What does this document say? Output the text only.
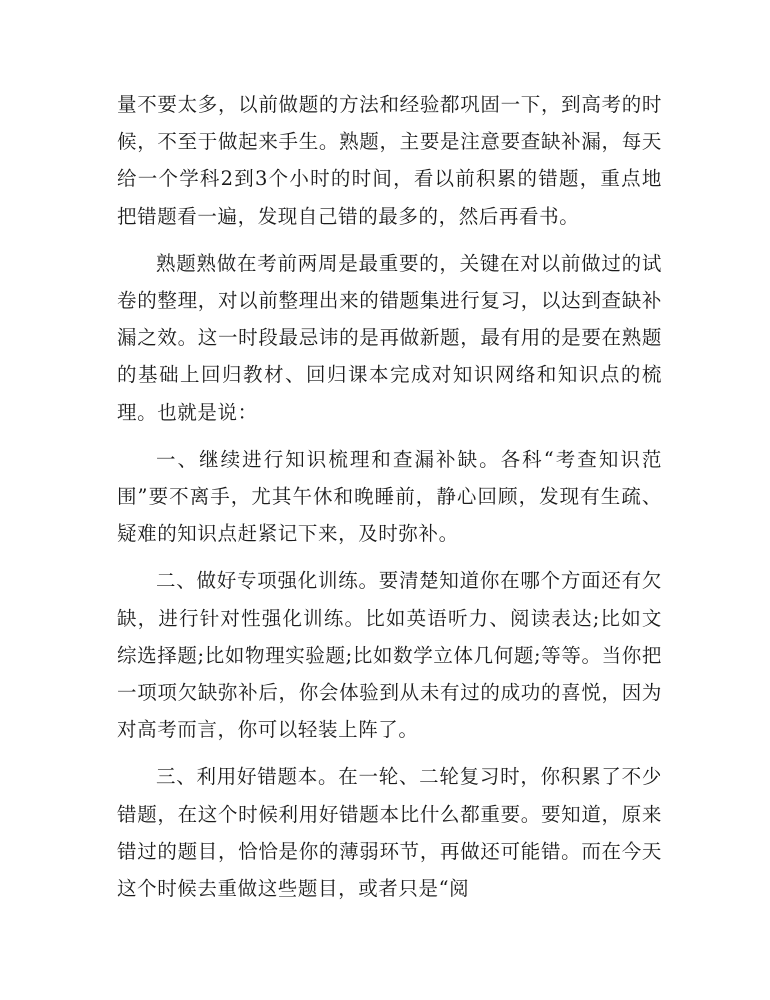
量不要太多，以前做题的方法和经验都巩固一下，到高考的时候，不至于做起来手生。熟题，主要是注意要查缺补漏，每天给一个学科2到3个小时的时间，看以前积累的错题，重点地把错题看一遍，发现自己错的最多的，然后再看书。

熟题熟做在考前两周是最重要的，关键在对以前做过的试卷的整理，对以前整理出来的错题集进行复习，以达到查缺补漏之效。这一时段最忌讳的是再做新题，最有用的是要在熟题的基础上回归教材、回归课本完成对知识网络和知识点的梳理。也就是说：

一、继续进行知识梳理和查漏补缺。各科“考查知识范围”要不离手，尤其午休和晚睡前，静心回顾，发现有生疏、疑难的知识点赶紧记下来，及时弥补。

二、做好专项强化训练。要清楚知道你在哪个方面还有欠缺，进行针对性强化训练。比如英语听力、阅读表达;比如文综选择题;比如物理实验题;比如数学立体几何题;等等。当你把一项项欠缺弥补后，你会体验到从未有过的成功的喜悦，因为对高考而言，你可以轻装上阵了。

三、利用好错题本。在一轮、二轮复习时，你积累了不少错题，在这个时候利用好错题本比什么都重要。要知道，原来错过的题目，恰恰是你的薄弱环节，再做还可能错。而在今天这个时候去重做这些题目，或者只是“阅
